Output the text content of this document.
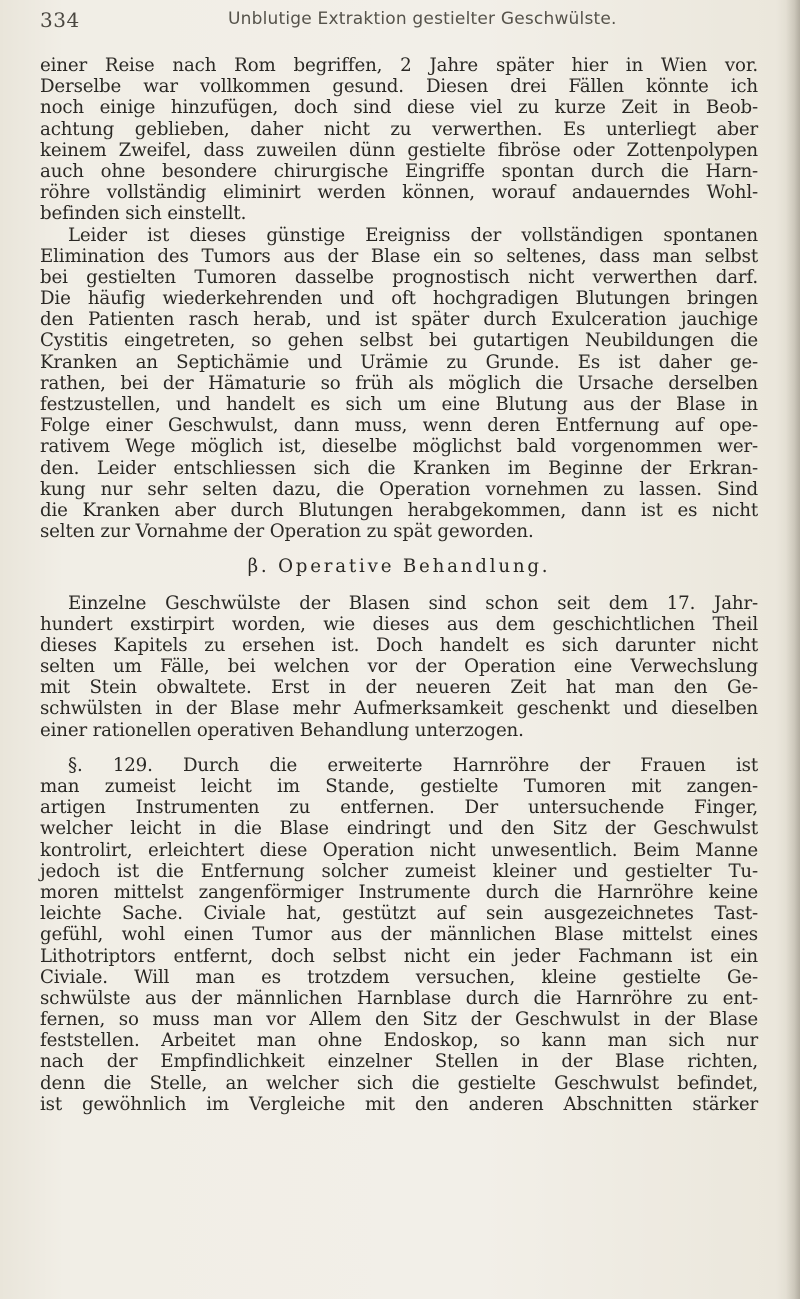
334	Unblutige Extraktion gestielter Geschwülste.
einer Reise nach Rom begriffen, 2 Jahre später hier in Wien vor.
Derselbe war vollkommen gesund. Diesen drei Fällen könnte ich
noch einige hinzufügen, doch sind diese viel zu kurze Zeit in Beob-
achtung geblieben, daher nicht zu verwerthen. Es unterliegt aber
keinem Zweifel, dass zuweilen dünn gestielte fibröse oder Zottenpolypen
auch ohne besondere chirurgische Eingriffe spontan durch die Harn-
röhre vollständig eliminirt werden können, worauf andauerndes Wohl-
befinden sich einstellt.
Leider ist dieses günstige Ereigniss der vollständigen spontanen
Elimination des Tumors aus der Blase ein so seltenes, dass man selbst
bei gestielten Tumoren dasselbe prognostisch nicht verwerthen darf.
Die häufig wiederkehrenden und oft hochgradigen Blutungen bringen
den Patienten rasch herab, und ist später durch Exulceration jauchige
Cystitis eingetreten, so gehen selbst bei gutartigen Neubildungen die
Kranken an Septichämie und Urämie zu Grunde. Es ist daher ge-
rathen, bei der Hämaturie so früh als möglich die Ursache derselben
festzustellen, und handelt es sich um eine Blutung aus der Blase in
Folge einer Geschwulst, dann muss, wenn deren Entfernung auf ope-
rativem Wege möglich ist, dieselbe möglichst bald vorgenommen wer-
den. Leider entschliessen sich die Kranken im Beginne der Erkran-
kung nur sehr selten dazu, die Operation vornehmen zu lassen. Sind
die Kranken aber durch Blutungen herabgekommen, dann ist es nicht
selten zur Vornahme der Operation zu spät geworden.
β. Operative Behandlung.
Einzelne Geschwülste der Blasen sind schon seit dem 17. Jahr-
hundert exstirpirt worden, wie dieses aus dem geschichtlichen Theil
dieses Kapitels zu ersehen ist. Doch handelt es sich darunter nicht
selten um Fälle, bei welchen vor der Operation eine Verwechslung
mit Stein obwaltete. Erst in der neueren Zeit hat man den Ge-
schwülsten in der Blase mehr Aufmerksamkeit geschenkt und dieselben
einer rationellen operativen Behandlung unterzogen.
§. 129. Durch die erweiterte Harnröhre der Frauen ist
man zumeist leicht im Stande, gestielte Tumoren mit zangen-
artigen Instrumenten zu entfernen. Der untersuchende Finger,
welcher leicht in die Blase eindringt und den Sitz der Geschwulst
kontrolirt, erleichtert diese Operation nicht unwesentlich. Beim Manne
jedoch ist die Entfernung solcher zumeist kleiner und gestielter Tu-
moren mittelst zangenförmiger Instrumente durch die Harnröhre keine
leichte Sache. Civiale hat, gestützt auf sein ausgezeichnetes Tast-
gefühl, wohl einen Tumor aus der männlichen Blase mittelst eines
Lithotriptors entfernt, doch selbst nicht ein jeder Fachmann ist ein
Civiale. Will man es trotzdem versuchen, kleine gestielte Ge-
schwülste aus der männlichen Harnblase durch die Harnröhre zu ent-
fernen, so muss man vor Allem den Sitz der Geschwulst in der Blase
feststellen. Arbeitet man ohne Endoskop, so kann man sich nur
nach der Empfindlichkeit einzelner Stellen in der Blase richten,
denn die Stelle, an welcher sich die gestielte Geschwulst befindet,
ist gewöhnlich im Vergleiche mit den anderen Abschnitten stärker
